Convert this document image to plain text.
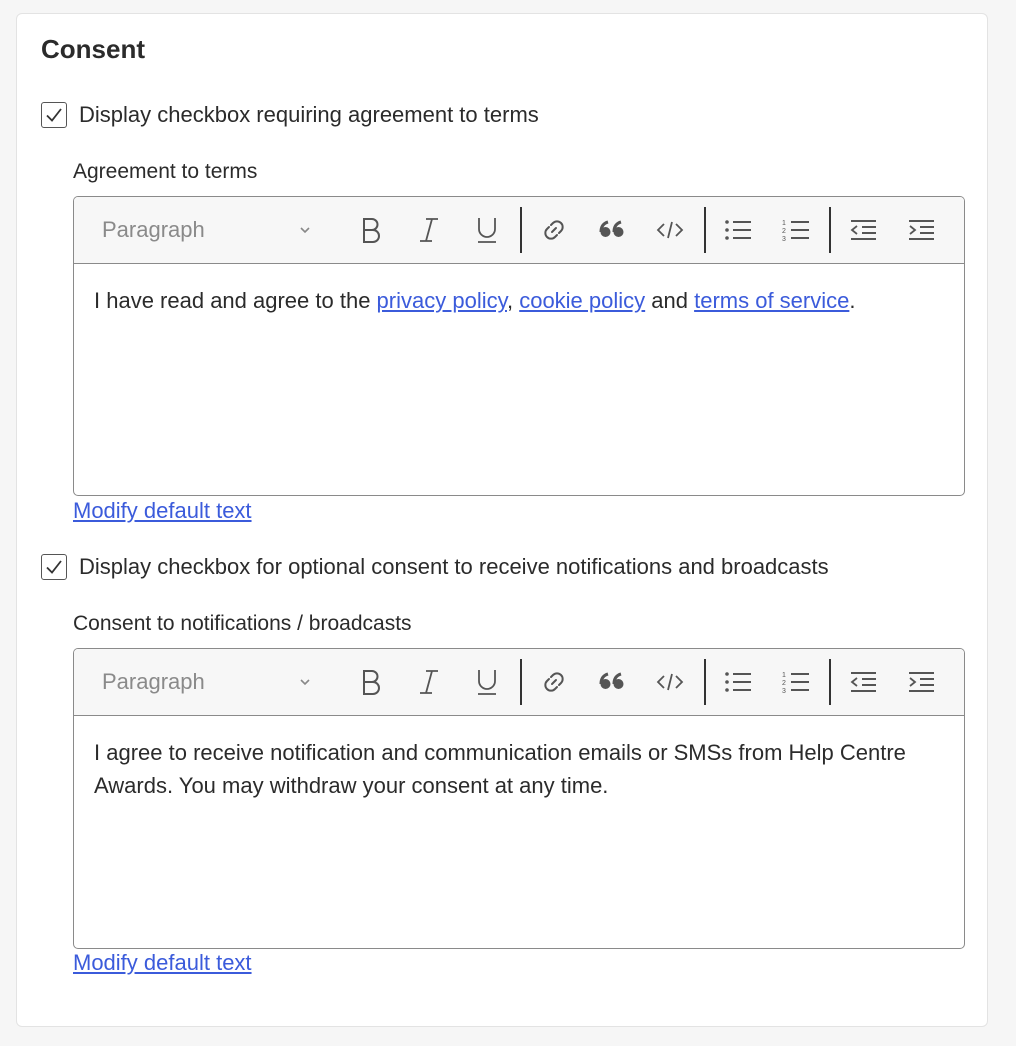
Consent
Display checkbox requiring agreement to terms
Agreement to terms
Paragraph	1
2
3
I have read and agree to the privacy policy, cookie policy and terms of service.
Modify default text
Display checkbox for optional consent to receive notifications and broadcasts
Consent to notifications / broadcasts
Paragraph	1
2
3
I agree to receive notification and communication emails or SMSs from Help Centre Awards. You may withdraw your consent at any time.
Modify default text
